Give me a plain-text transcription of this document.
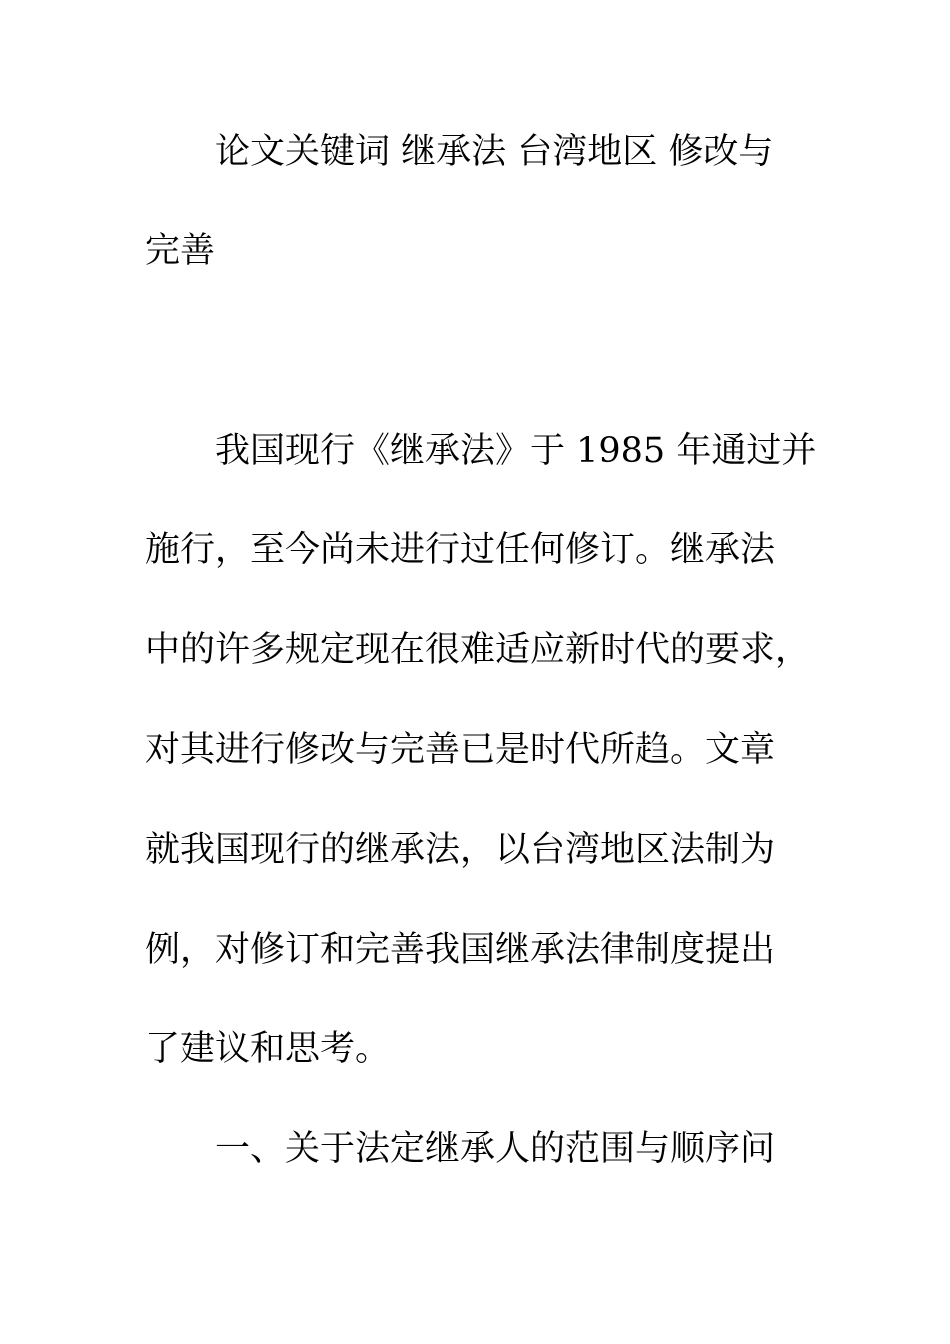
论文关键词 继承法 台湾地区 修改与
完善
我国现行《继承法》于 1985 年通过并
施行，至今尚未进行过任何修订。继承法
中的许多规定现在很难适应新时代的要求，
对其进行修改与完善已是时代所趋。文章
就我国现行的继承法，以台湾地区法制为
例，对修订和完善我国继承法律制度提出
了建议和思考。
一、关于法定继承人的范围与顺序问
